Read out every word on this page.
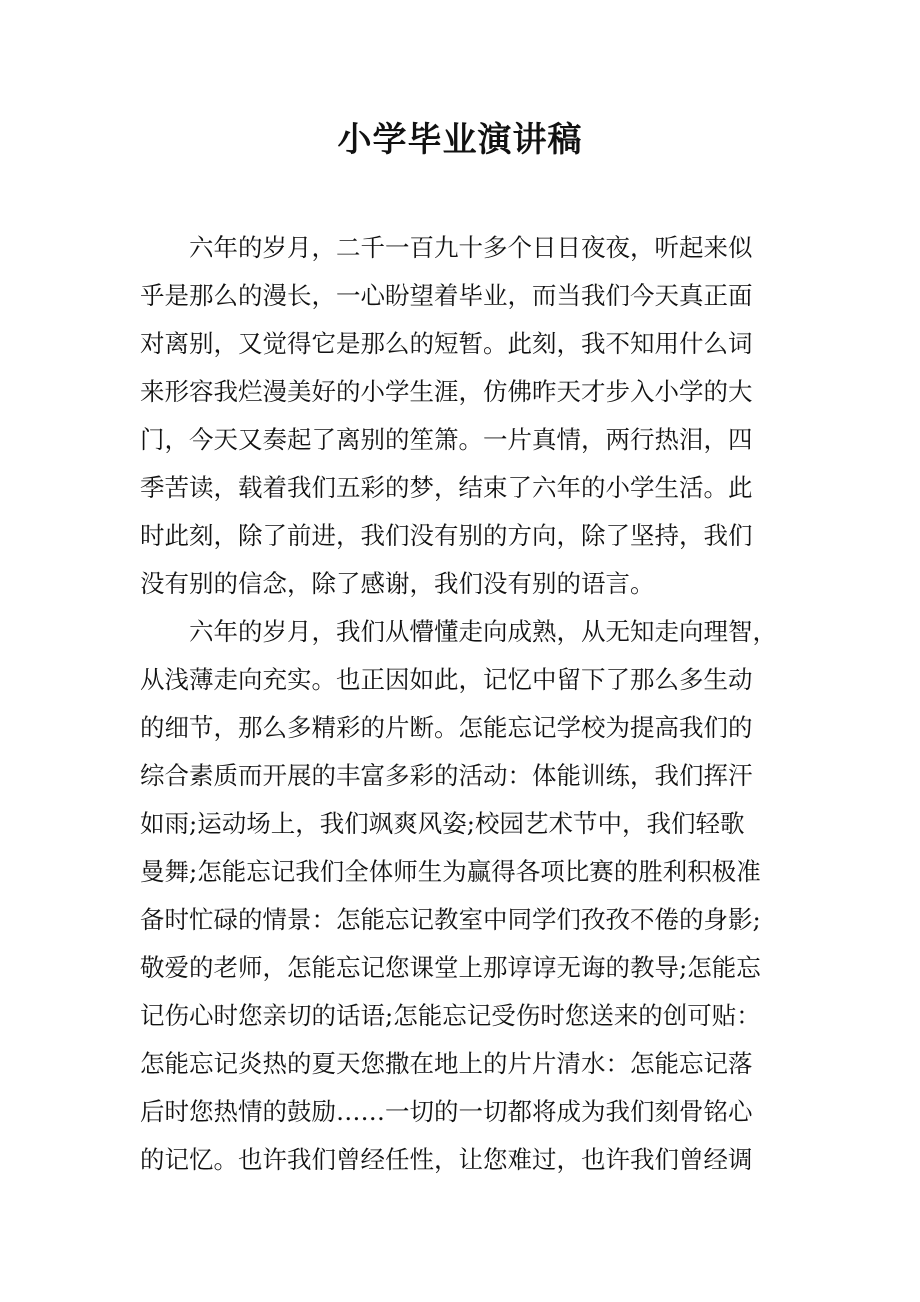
小学毕业演讲稿
六年的岁月，二千一百九十多个日日夜夜，听起来似
乎是那么的漫长，一心盼望着毕业，而当我们今天真正面
对离别，又觉得它是那么的短暂。此刻，我不知用什么词
来形容我烂漫美好的小学生涯，仿佛昨天才步入小学的大
门，今天又奏起了离别的笙箫。一片真情，两行热泪，四
季苦读，载着我们五彩的梦，结束了六年的小学生活。此
时此刻，除了前进，我们没有别的方向，除了坚持，我们
没有别的信念，除了感谢，我们没有别的语言。
六年的岁月，我们从懵懂走向成熟，从无知走向理智，
从浅薄走向充实。也正因如此，记忆中留下了那么多生动
的细节，那么多精彩的片断。怎能忘记学校为提高我们的
综合素质而开展的丰富多彩的活动：体能训练，我们挥汗
如雨;运动场上，我们飒爽风姿;校园艺术节中，我们轻歌
曼舞;怎能忘记我们全体师生为赢得各项比赛的胜利积极准
备时忙碌的情景：怎能忘记教室中同学们孜孜不倦的身影;
敬爱的老师，怎能忘记您课堂上那谆谆无诲的教导;怎能忘
记伤心时您亲切的话语;怎能忘记受伤时您送来的创可贴：
怎能忘记炎热的夏天您撒在地上的片片清水：怎能忘记落
后时您热情的鼓励……一切的一切都将成为我们刻骨铭心
的记忆。也许我们曾经任性，让您难过，也许我们曾经调
